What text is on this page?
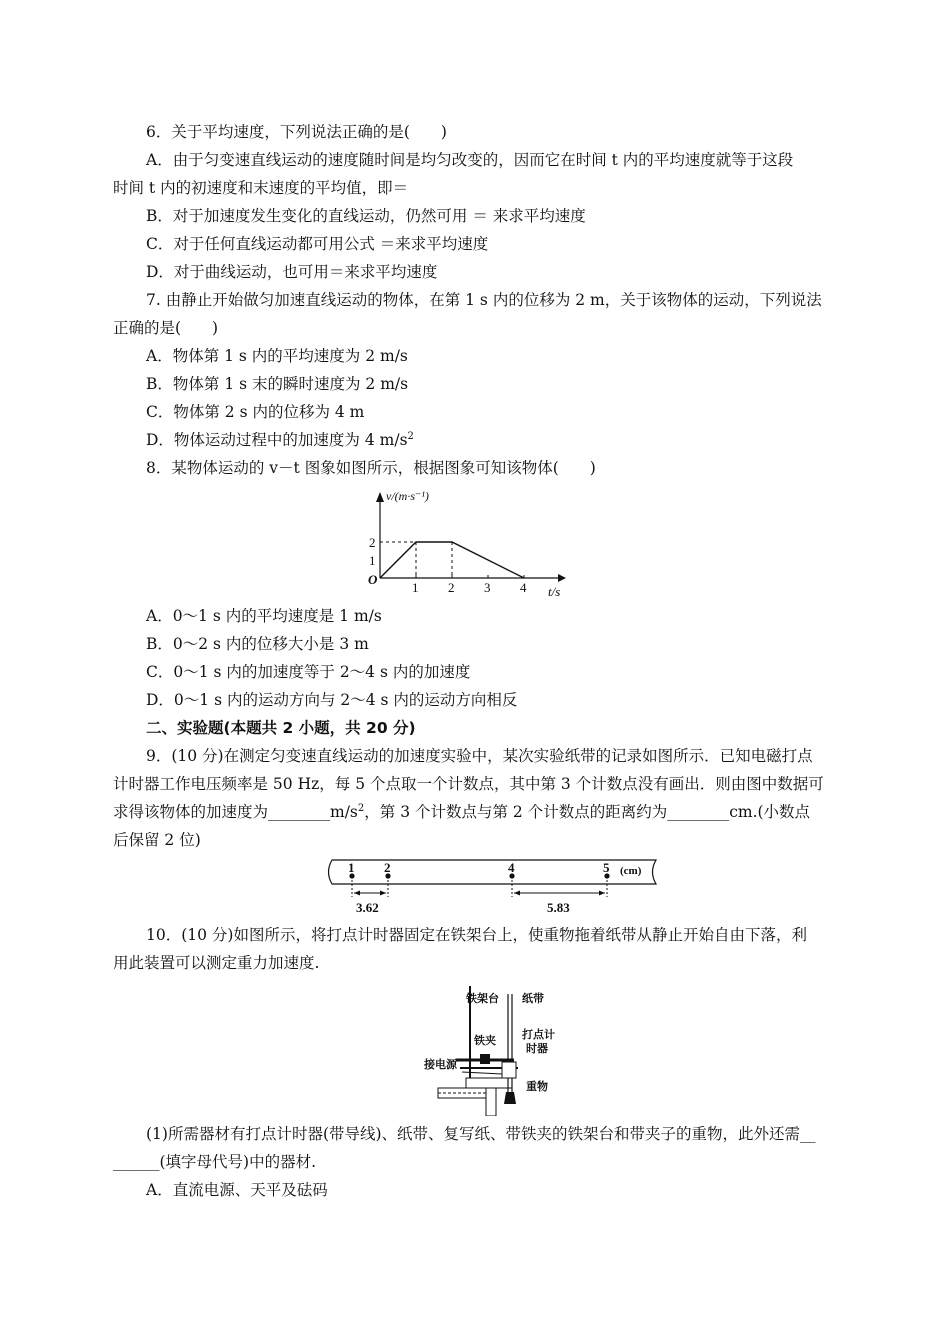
6．关于平均速度，下列说法正确的是(　　)
A．由于匀变速直线运动的速度随时间是均匀改变的，因而它在时间 t 内的平均速度就等于这段
时间 t 内的初速度和末速度的平均值，即＝
B．对于加速度发生变化的直线运动，仍然可用 ＝ 来求平均速度
C．对于任何直线运动都可用公式 ＝来求平均速度
D．对于曲线运动，也可用＝来求平均速度
7. 由静止开始做匀加速直线运动的物体，在第 1 s 内的位移为 2 m，关于该物体的运动，下列说法
正确的是(　　)
A．物体第 1 s 内的平均速度为 2 m/s
B．物体第 1 s 末的瞬时速度为 2 m/s
C．物体第 2 s 内的位移为 4 m
D．物体运动过程中的加速度为 4 $m/s^2$
8．某物体运动的 v－t 图象如图所示，根据图象可知该物体(　　)
1 2 3 4
1
2
O
v/(m·s⁻¹)
t/s
A．0～1 s 内的平均速度是 1 m/s
B．0～2 s 内的位移大小是 3 m
C．0～1 s 内的加速度等于 2～4 s 内的加速度
D．0～1 s 内的运动方向与 2～4 s 内的运动方向相反
二、实验题(本题共 2 小题，共 20 分)
9．(10 分)在测定匀变速直线运动的加速度实验中，某次实验纸带的记录如图所示．已知电磁打点
计时器工作电压频率是 50 Hz，每 5 个点取一个计数点，其中第 3 个计数点没有画出．则由图中数据可
求得该物体的加速度为$\_\_\_\_\_\_\_\_m/s^2$，第 3 个计数点与第 2 个计数点的距离约为________cm.(小数点
后保留 2 位)
1 2	4	5 (cm)
3.62	5.83
10．(10 分)如图所示，将打点计时器固定在铁架台上，使重物拖着纸带从静止开始自由下落，利
用此装置可以测定重力加速度.
铁架台 纸带
铁夹 打点计
时器
接电源
重物
(1)所需器材有打点计时器(带导线)、纸带、复写纸、带铁夹的铁架台和带夹子的重物，此外还需__
______(填字母代号)中的器材.
A．直流电源、天平及砝码
